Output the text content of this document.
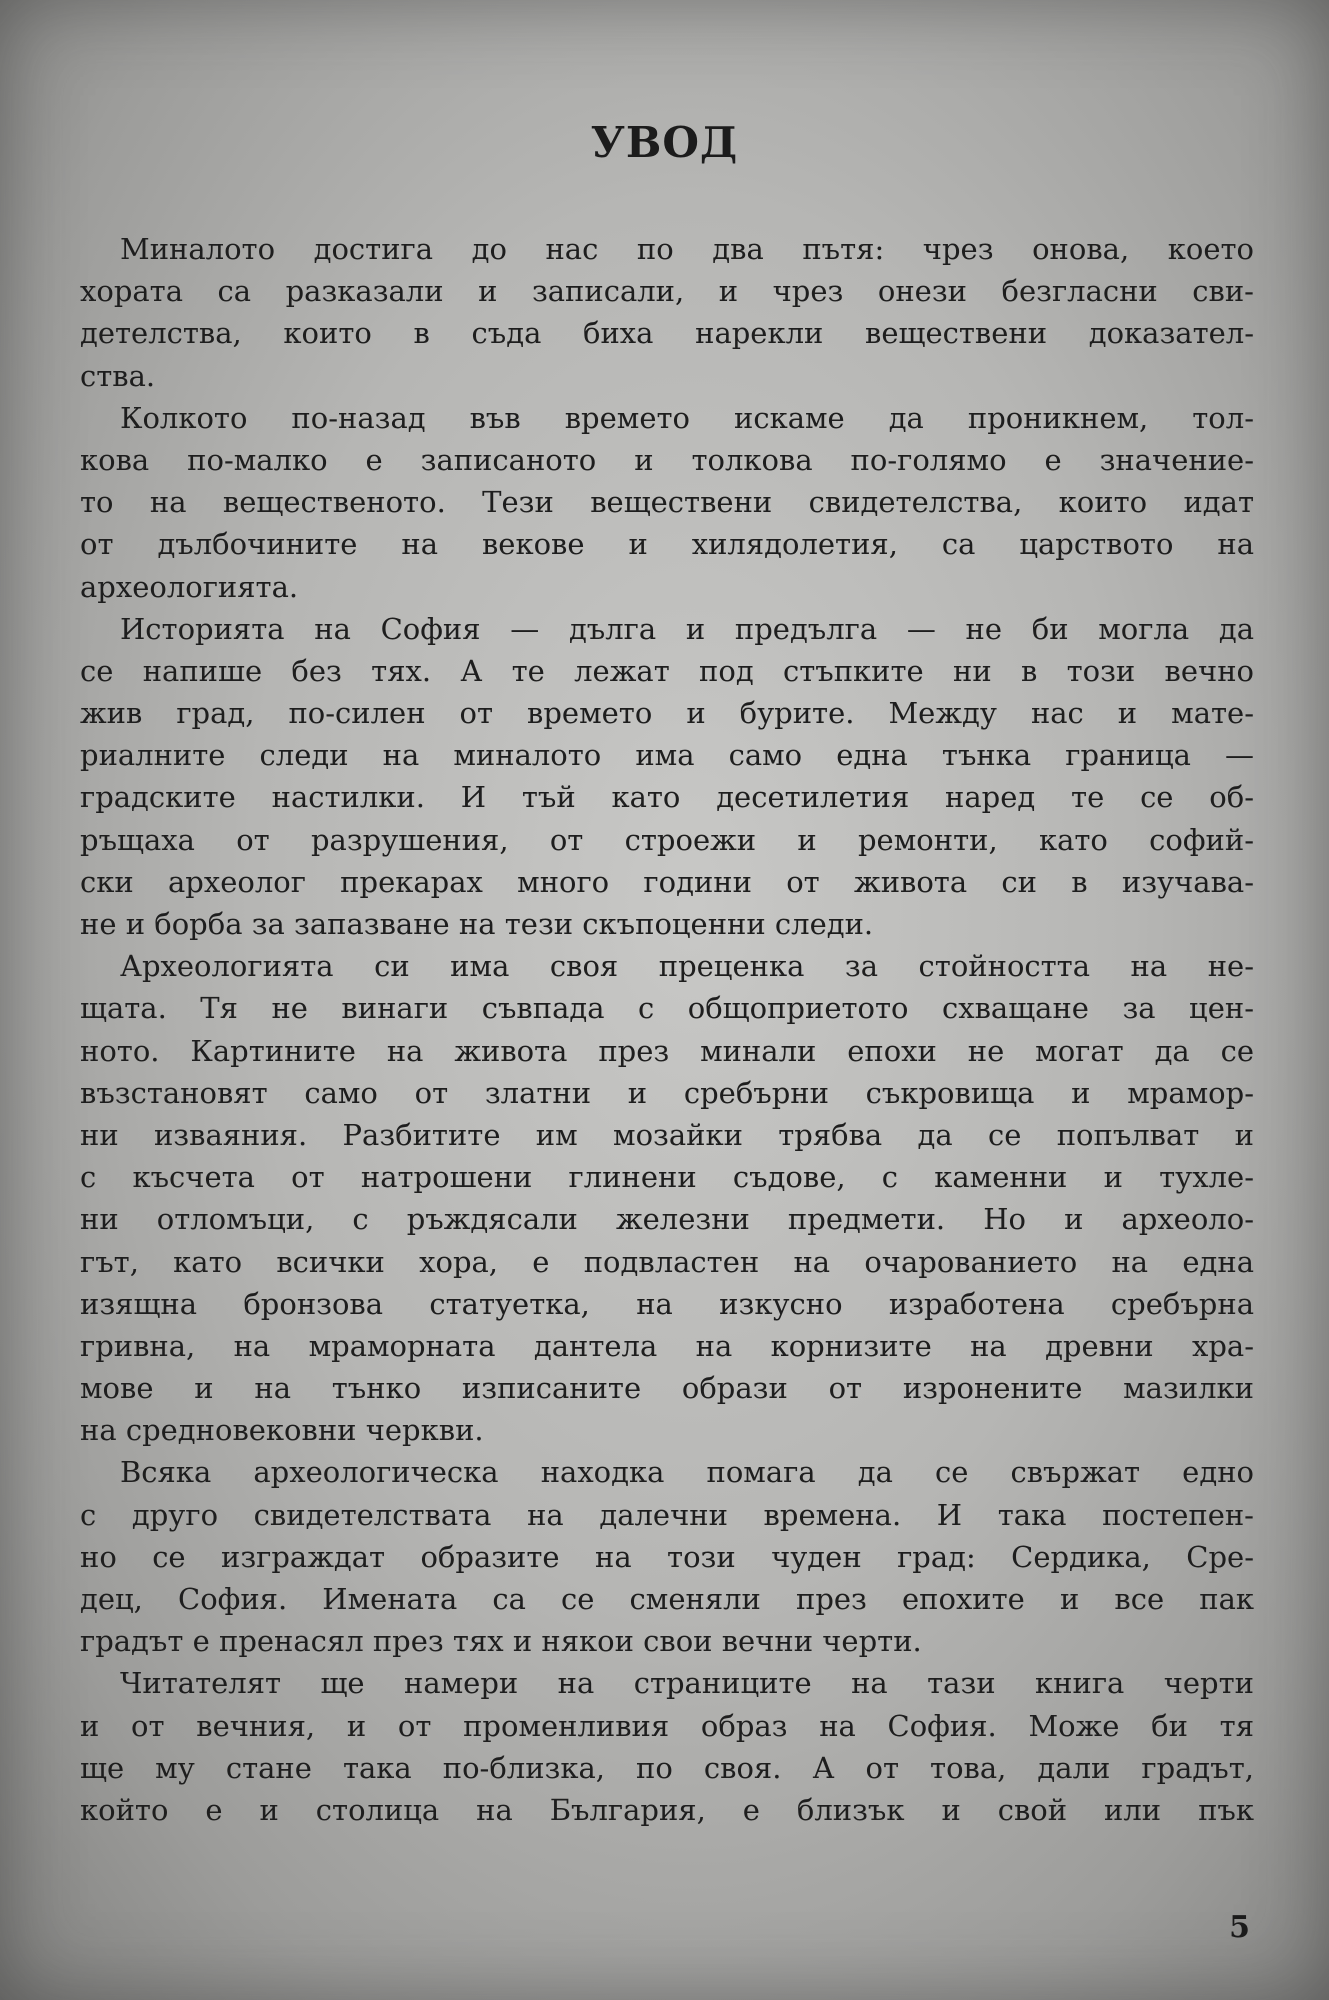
УВОД
Миналото достига до нас по два пътя: чрез онова, което
хората са разказали и записали, и чрез онези безгласни сви-
детелства, които в съда биха нарекли веществени доказател-
ства.
Колкото по-назад във времето искаме да проникнем, тол-
кова по-малко е записаното и толкова по-голямо е значение-
то на вещественото. Тези веществени свидетелства, които идат
от дълбочините на векове и хилядолетия, са царството на
археологията.
Историята на София — дълга и предълга — не би могла да
се напише без тях. А те лежат под стъпките ни в този вечно
жив град, по-силен от времето и бурите. Между нас и мате-
риалните следи на миналото има само една тънка граница —
градските настилки. И тъй като десетилетия наред те се об-
ръщаха от разрушения, от строежи и ремонти, като софий-
ски археолог прекарах много години от живота си в изучава-
не и борба за запазване на тези скъпоценни следи.
Археологията си има своя преценка за стойността на не-
щата. Тя не винаги съвпада с общоприетото схващане за цен-
ното. Картините на живота през минали епохи не могат да се
възстановят само от златни и сребърни съкровища и мрамор-
ни изваяния. Разбитите им мозайки трябва да се попълват и
с късчета от натрошени глинени съдове, с каменни и тухле-
ни отломъци, с ръждясали железни предмети. Но и археоло-
гът, като всички хора, е подвластен на очарованието на една
изящна бронзова статуетка, на изкусно изработена сребърна
гривна, на мраморната дантела на корнизите на древни хра-
мове и на тънко изписаните образи от изронените мазилки
на средновековни черкви.
Всяка археологическа находка помага да се свържат едно
с друго свидетелствата на далечни времена. И така постепен-
но се изграждат образите на този чуден град: Сердика, Сре-
дец, София. Имената са се сменяли през епохите и все пак
градът е пренасял през тях и някои свои вечни черти.
Читателят ще намери на страниците на тази книга черти
и от вечния, и от променливия образ на София. Може би тя
ще му стане така по-близка, по своя. А от това, дали градът,
който е и столица на България, е близък и свой или пък
5
